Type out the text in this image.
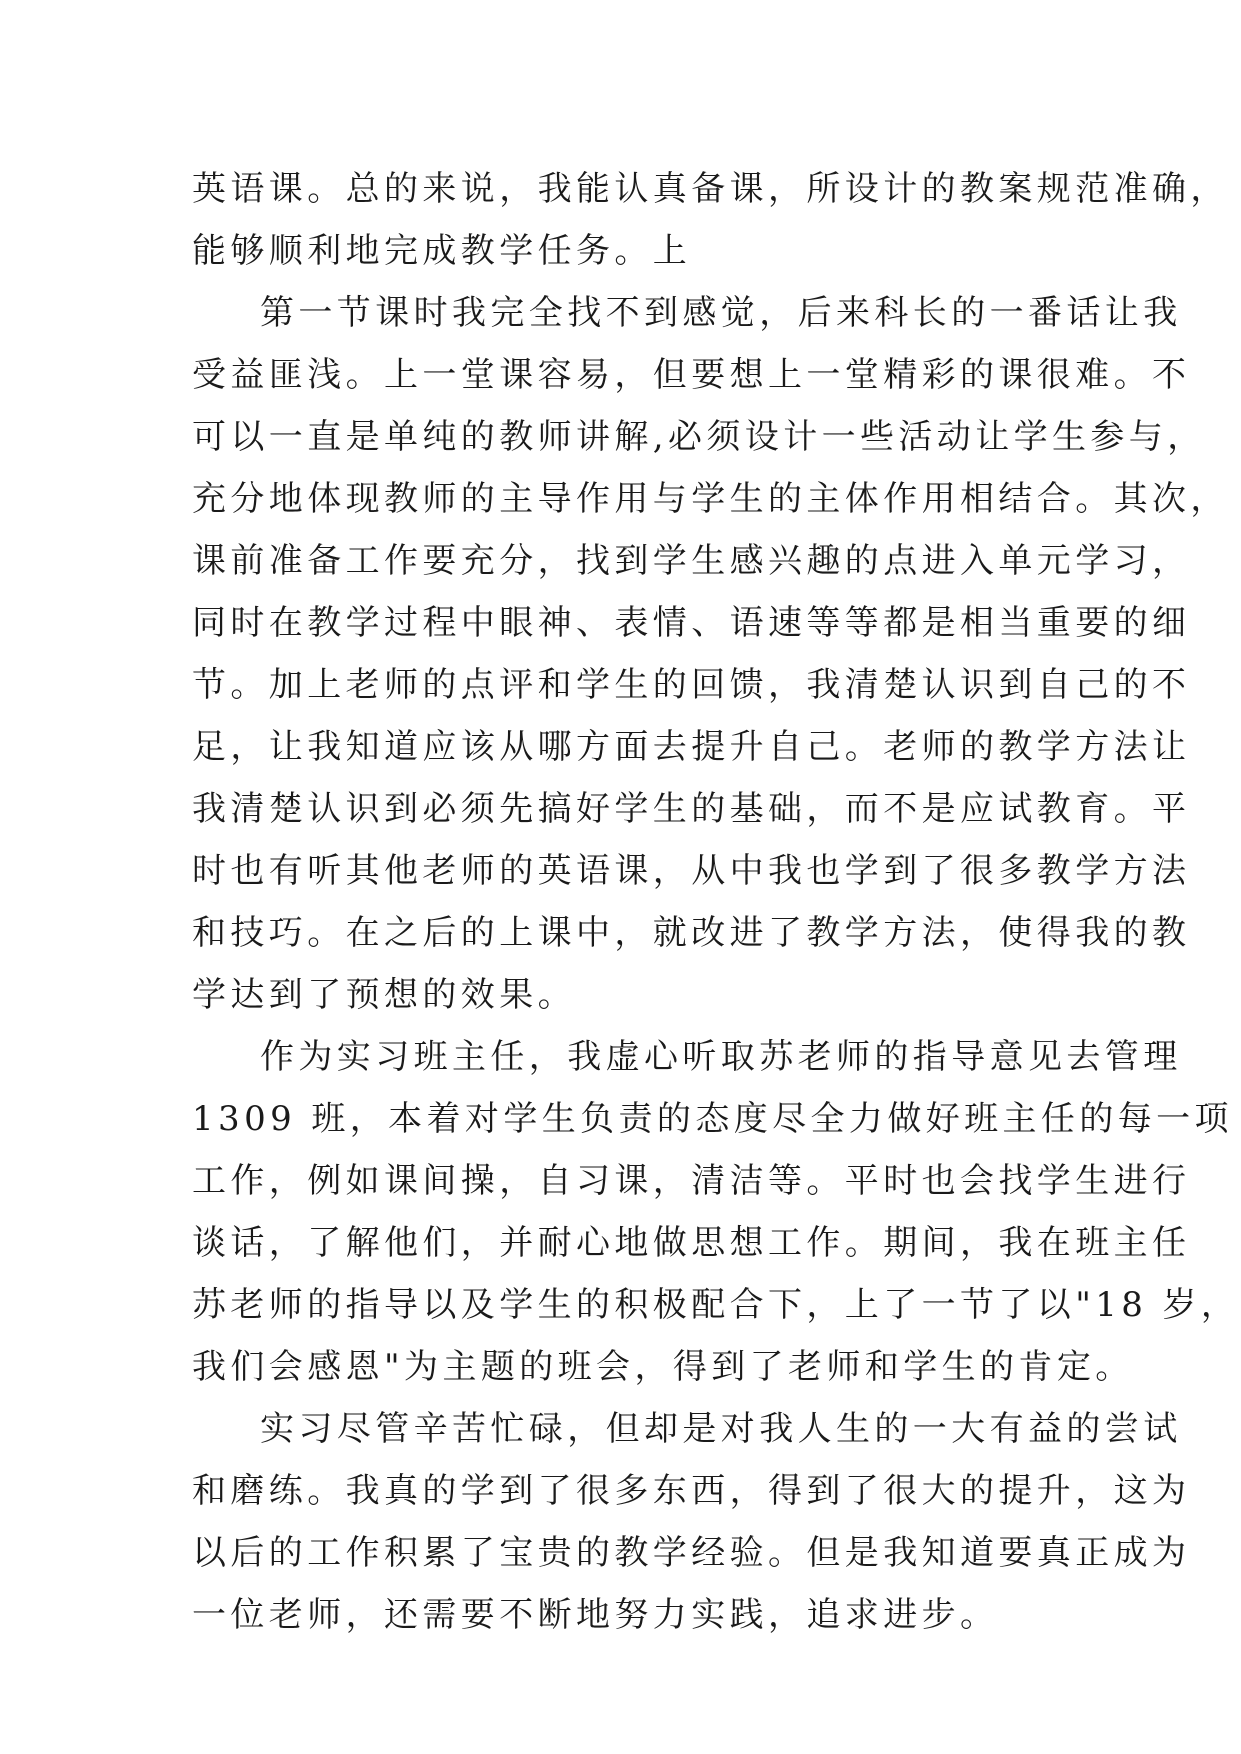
英语课。总的来说，我能认真备课，所设计的教案规范准确，
能够顺利地完成教学任务。上
第一节课时我完全找不到感觉，后来科长的一番话让我
受益匪浅。上一堂课容易，但要想上一堂精彩的课很难。不
可以一直是单纯的教师讲解,必须设计一些活动让学生参与，
充分地体现教师的主导作用与学生的主体作用相结合。其次，
课前准备工作要充分，找到学生感兴趣的点进入单元学习，
同时在教学过程中眼神、表情、语速等等都是相当重要的细
节。加上老师的点评和学生的回馈，我清楚认识到自己的不
足，让我知道应该从哪方面去提升自己。老师的教学方法让
我清楚认识到必须先搞好学生的基础，而不是应试教育。平
时也有听其他老师的英语课，从中我也学到了很多教学方法
和技巧。在之后的上课中，就改进了教学方法，使得我的教
学达到了预想的效果。
作为实习班主任，我虚心听取苏老师的指导意见去管理
1309 班，本着对学生负责的态度尽全力做好班主任的每一项
工作，例如课间操，自习课，清洁等。平时也会找学生进行
谈话，了解他们，并耐心地做思想工作。期间，我在班主任
苏老师的指导以及学生的积极配合下，上了一节了以"18 岁，
我们会感恩"为主题的班会，得到了老师和学生的肯定。
实习尽管辛苦忙碌，但却是对我人生的一大有益的尝试
和磨练。我真的学到了很多东西，得到了很大的提升，这为
以后的工作积累了宝贵的教学经验。但是我知道要真正成为
一位老师，还需要不断地努力实践，追求进步。
